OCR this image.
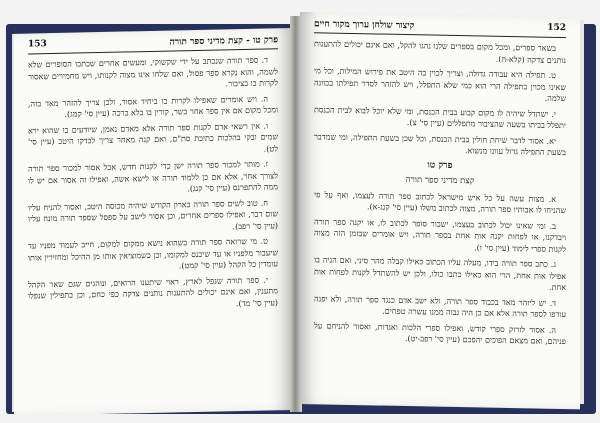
153	פרק טו - קצת מדיני ספר תורה

ד. ספר תורה שנכתב על ידי שקשוקי, ומעשים אחרים שכתבו הסופרים שלא לשמה, והוא נקרא ספר פסול, ואם שלחו אינו מצוה לקנותו, ויש מחמירים שאסור לקרות בו בציבור.

ה. ויש אומרים שאפילו לקרות בו ביחיד אסור, ולכן צריך להזהר מאד בזה, ומכל מקום אם אין ספר אחר כשר, קורין בו בלא ברכה (עיין סי' קמג).

ו. אין רשאי אדם לקנות ספר תורה אלא מאדם נאמן, שיודעים בו שהוא ירא שמים ובקי בהלכות כתיבת סת"ם, ואם קנה מאחר צריך לבדקו היטב (עיין סי' לט).

ז. מותר למכור ספר תורה ישן כדי לקנות חדש, אבל אסור למכור ספר תורה לצורך אחר, אלא אם כן ללמוד תורה או לישא אשה, ואפילו זה אסור אם יש לו ממה להתפרנס (עיין סי' קנג).

ח. טוב לשים ספר תורה בארון הקודש שיהיה מכוסה היטב, ואסור להניח עליו שום דבר, ואפילו ספרים אחרים, וכן אסור לישב על ספסל שספר תורה מונח עליו (עיין סי' רפב).

ט. מי שרואה ספר תורה כשהוא נישא ממקום למקום, חייב לעמוד מפניו עד שיעבור מלפניו או עד שיכנס למקומו, וכן כשמוציאין אותו מן ההיכל ומחזירין אותו עומדין כל הקהל (עיין סי' קמט).

י. ספר תורה שנפל לארץ, ראוי שיתענו הרואים, ונוהגים שגם שאר הקהל מתענין, ואם אינם יכולים להתענות נותנים צדקה כפי כחם, וכן בתפילין שנפלו (עיין סי' מד).

152
קיצור שולחן ערוך מקור חיים

בשאר ספרים, ומכל מקום בספרים שלנו נהגו להקל, ואם אינם יכולים להתענות נותנים צדקה (קלא-ח).

ט. תפילה היא עבודה גדולה, וצריך לכוין בה היטב את פירוש המילות, וכל מי שאינו מכוין בתפילה הרי הוא כמי שלא התפלל, ויש להזהר לסדר תפילתו בכוונה שלמה.

י. ישתדל שיהיה לו מקום קבוע בבית הכנסת, ומי שלא יוכל לבוא לבית הכנסת יתפלל בביתו בשעה שהציבור מתפללים (עיין סי' צ).

יא. אסור לדבר שיחת חולין בבית הכנסת, וכל שכן בשעת התפילה, ומי שמדבר בשעת התפילה גדול עוונו מנשוא.

פרק טו

קצת מדיני ספר תורה

א. מצות עשה על כל איש מישראל לכתוב ספר תורה לעצמו, ואף על פי שהניחו לו אבותיו ספר תורה, מצוה לכתוב משלו (עיין סי' קנג-א).

ב. ומי שאינו יכול לכתוב בעצמו, ישכור סופר לכתוב לו, או יקנה ספר תורה ויבדקנו, או לפחות יקנה אות אחת בספר תורה, ויש אומרים שבזמן הזה מצוה לקנות ספרי לימוד (עיין סי' ו).

ג. כתב ספר תורה בידו, מעלה עליו הכתוב כאילו קבלה מהר סיני, ואם הגיה בו אפילו אות אחת, הרי הוא כאילו כתבו כולו, ולכן יש להשתדל לקנות לפחות אות אחת.

ד. יש ליזהר מאד בכבוד ספר תורה, ולא ישב אדם כנגד ספר תורה, ולא יפנה עורפו לספר תורה אלא אם כן היה גבוה ממנו עשרה טפחים.

ה. אסור לזרוק ספרי קודש, ואפילו ספרי הלכות ואגדות, ואסור להניחם על פניהם, ואם מצאם הפוכים יהפכם (עיין סי' רפב-יט).
